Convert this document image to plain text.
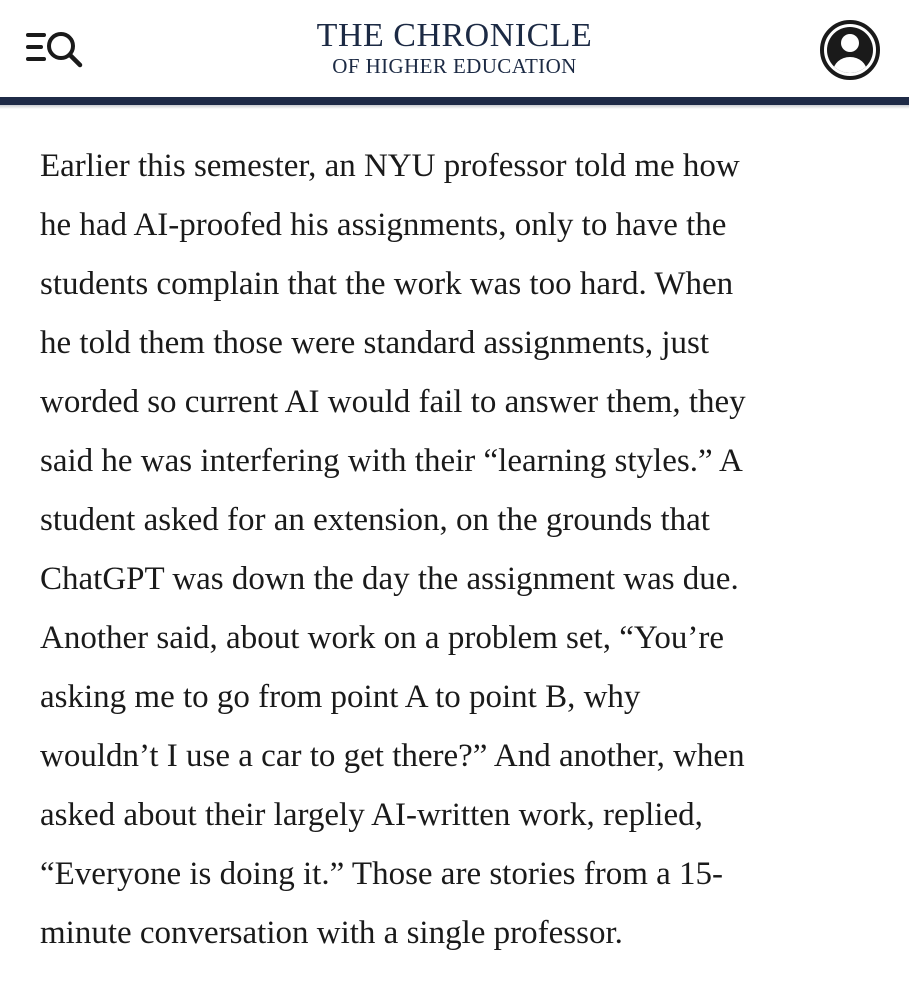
THE CHRONICLE
OF HIGHER EDUCATION
Earlier this semester, an NYU professor told me how
he had AI-proofed his assignments, only to have the
students complain that the work was too hard. When
he told them those were standard assignments, just
worded so current AI would fail to answer them, they
said he was interfering with their “learning styles.” A
student asked for an extension, on the grounds that
ChatGPT was down the day the assignment was due.
Another said, about work on a problem set, “You’re
asking me to go from point A to point B, why
wouldn’t I use a car to get there?” And another, when
asked about their largely AI-written work, replied,
“Everyone is doing it.” Those are stories from a 15-
minute conversation with a single professor.
